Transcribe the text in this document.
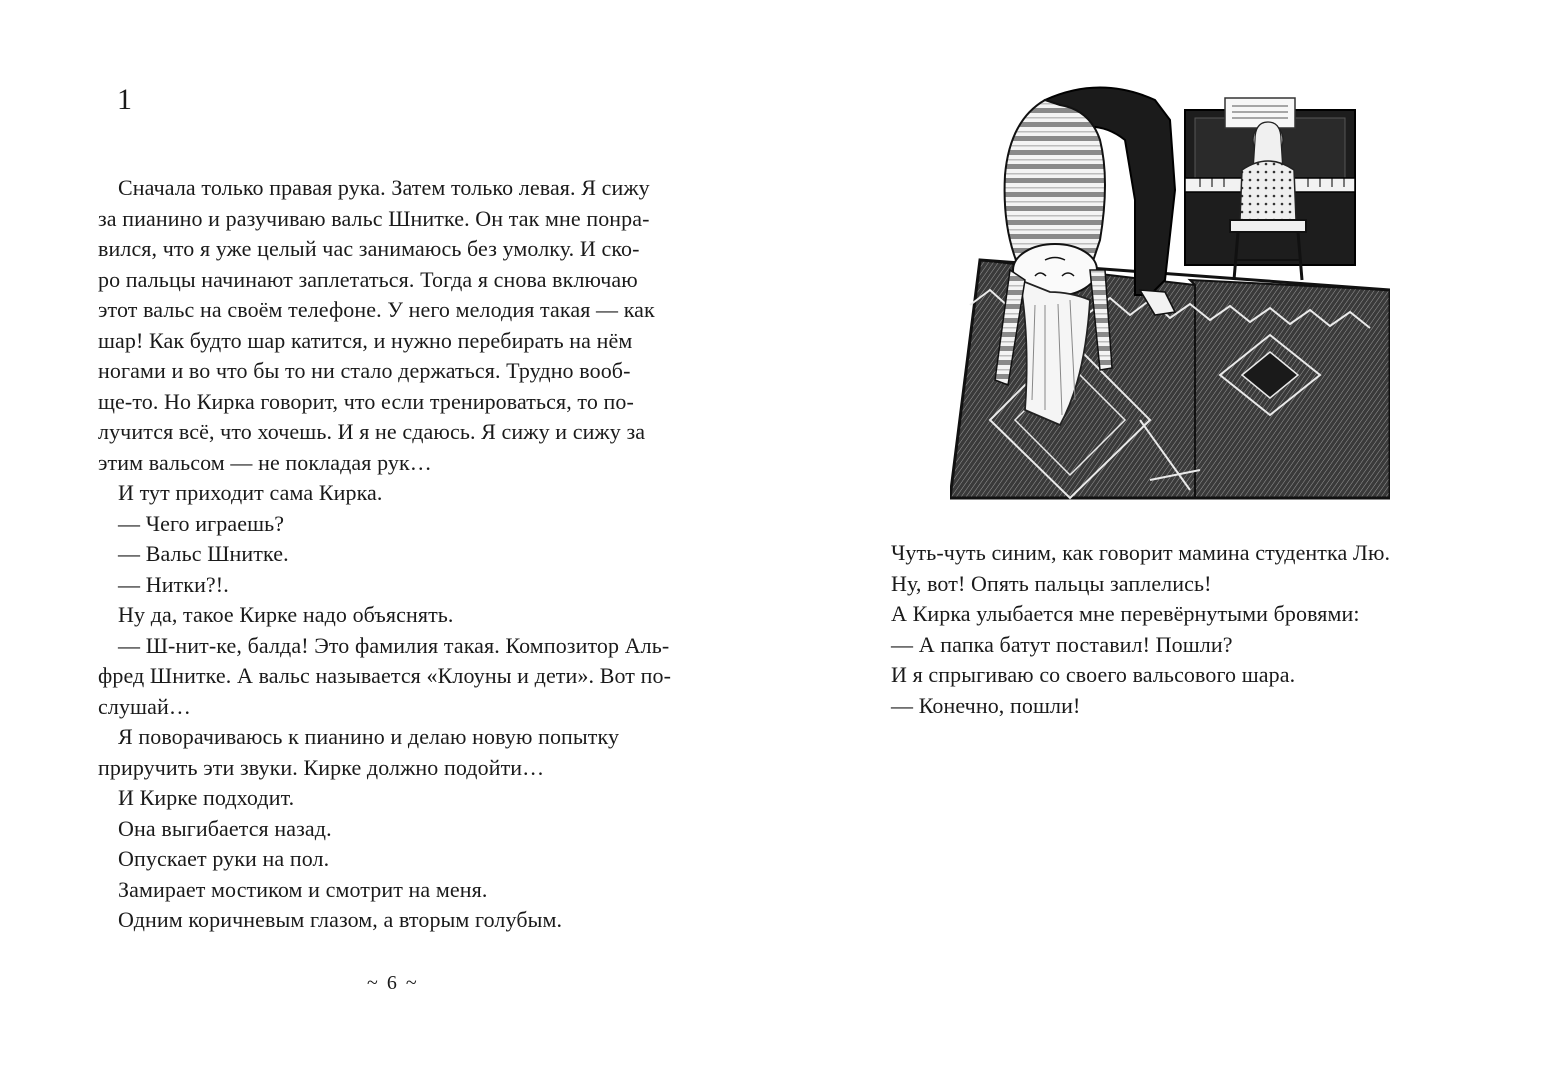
1
Сначала только правая рука. Затем только левая. Я сижу
за пианино и разучиваю вальс Шнитке. Он так мне понра-
вился, что я уже целый час занимаюсь без умолку. И ско-
ро пальцы начинают заплетаться. Тогда я снова включаю
этот вальс на своём телефоне. У него мелодия такая — как
шар! Как будто шар катится, и нужно перебирать на нём
ногами и во что бы то ни стало держаться. Трудно вооб-
ще-то. Но Кирка говорит, что если тренироваться, то по-
лучится всё, что хочешь. И я не сдаюсь. Я сижу и сижу за
этим вальсом — не покладая рук…
И тут приходит сама Кирка.
— Чего играешь?
— Вальс Шнитке.
— Нитки?!.
Ну да, такое Кирке надо объяснять.
— Ш-нит-ке, балда! Это фамилия такая. Композитор Аль-
фред Шнитке. А вальс называется «Клоуны и дети». Вот по-
слушай…
Я поворачиваюсь к пианино и делаю новую попытку
приручить эти звуки. Кирке должно подойти…
И Кирке подходит.
Она выгибается назад.
Опускает руки на пол.
Замирает мостиком и смотрит на меня.
Одним коричневым глазом, а вторым голубым.
~ 6 ~
Чуть-чуть синим, как говорит мамина студентка Лю.
Ну, вот! Опять пальцы заплелись!
А Кирка улыбается мне перевёрнутыми бровями:
— А папка батут поставил! Пошли?
И я спрыгиваю со своего вальсового шара.
— Конечно, пошли!
